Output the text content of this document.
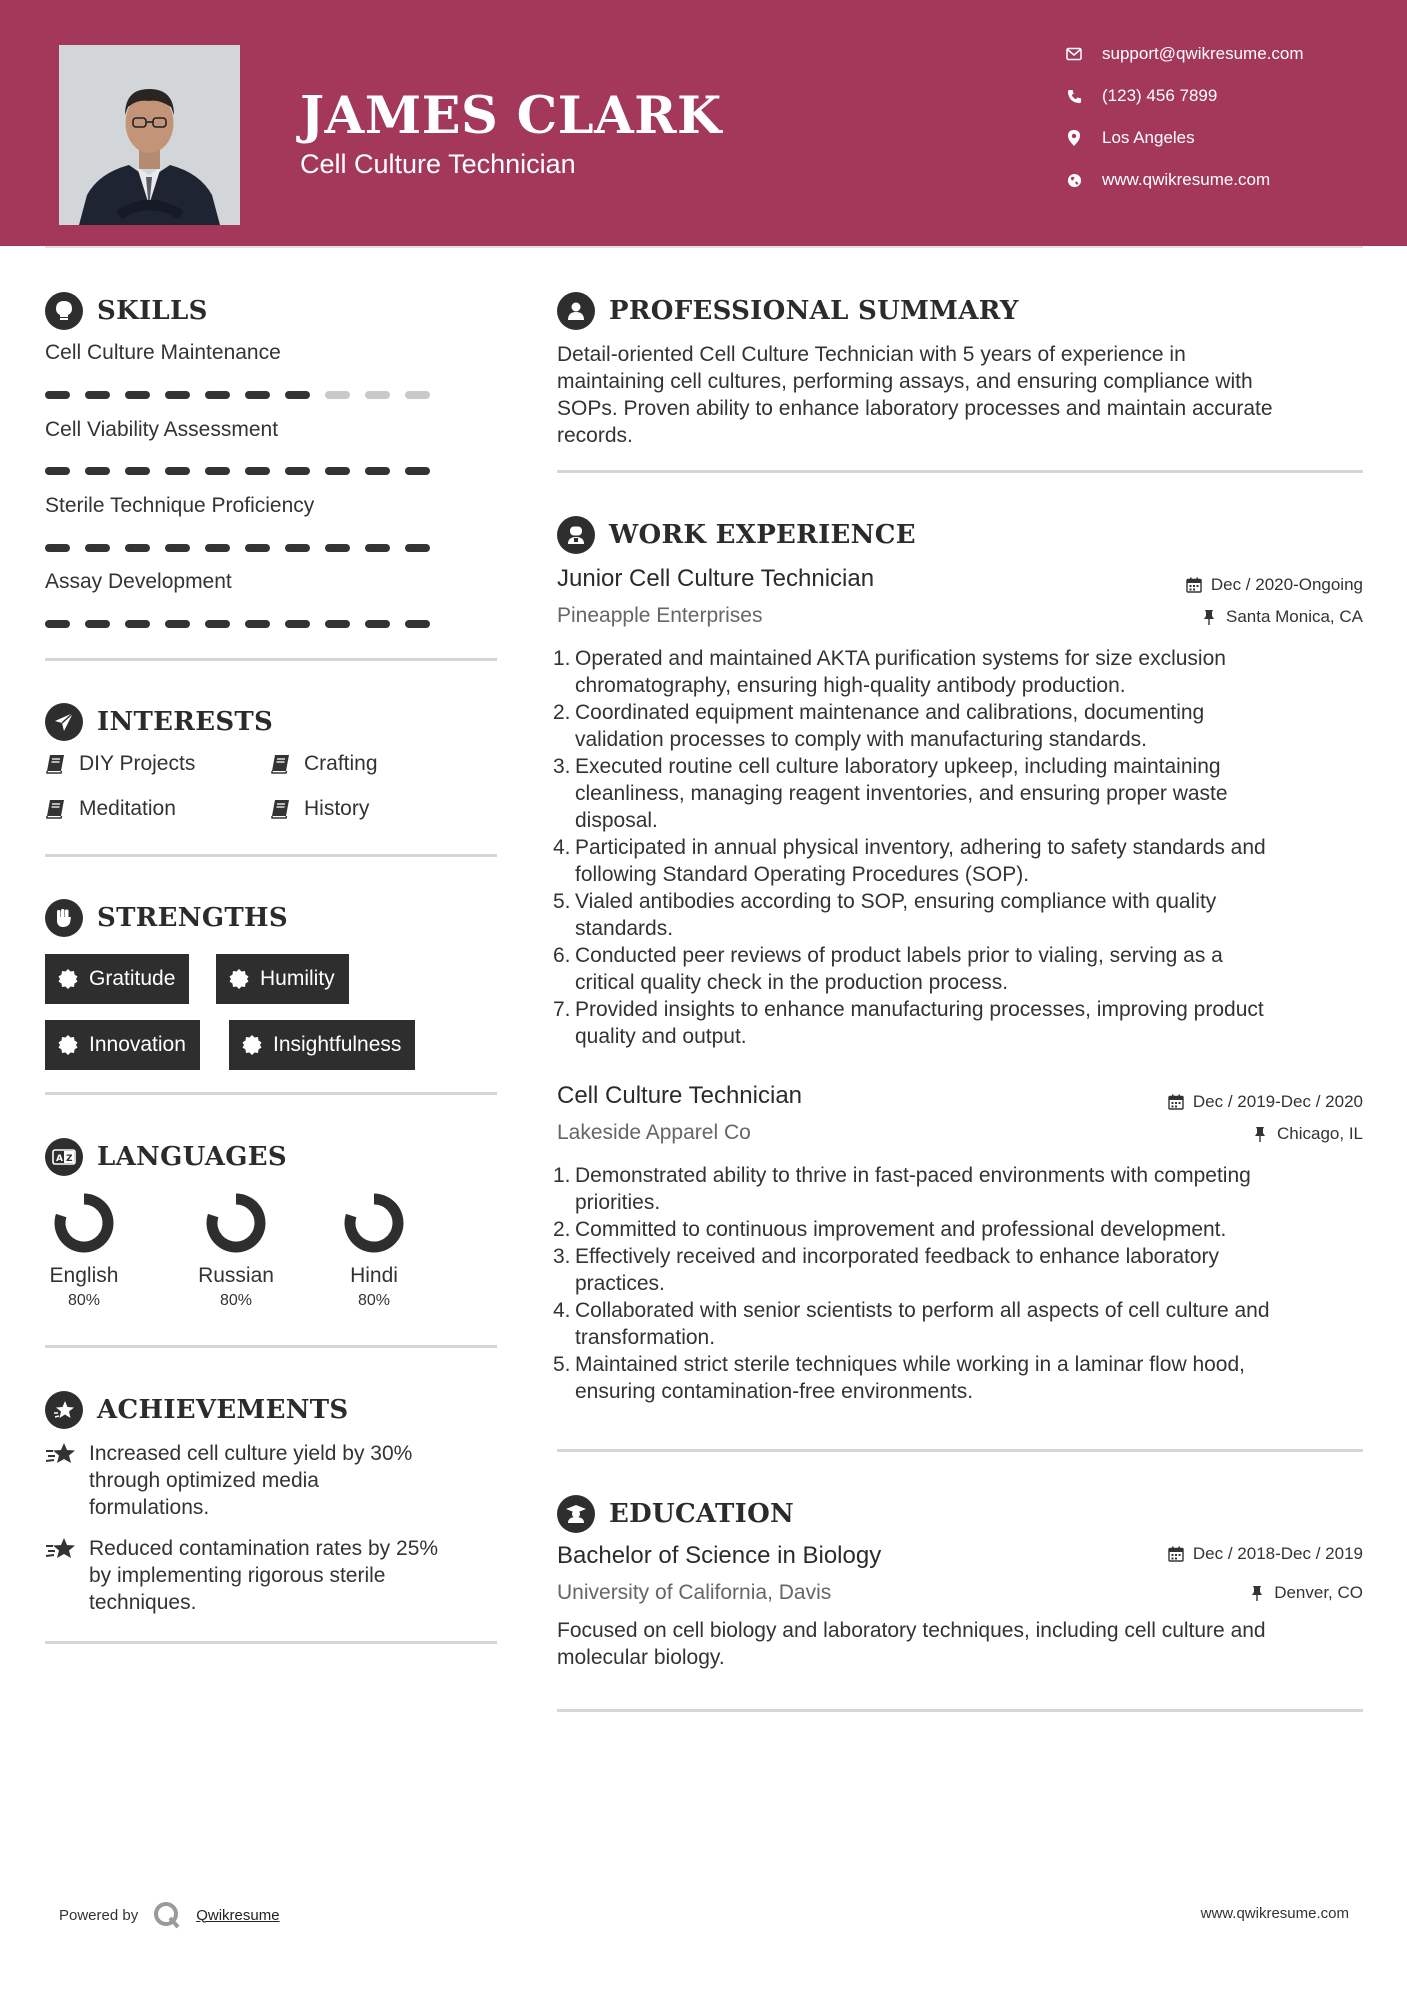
JAMES CLARK
Cell Culture Technician
support@qwikresume.com
(123) 456 7899
Los Angeles
www.qwikresume.com
SKILLS
Cell Culture Maintenance
Cell Viability Assessment
Sterile Technique Proficiency
Assay Development
INTERESTS
DIY Projects	Crafting
Meditation	History
STRENGTHS
Gratitude	Humility
Innovation	Insightfulness
A Z LANGUAGES
English
80%
Russian
80%
Hindi
80%
ACHIEVEMENTS
Increased cell culture yield by 30%
through optimized media
formulations.
Reduced contamination rates by 25%
by implementing rigorous sterile
techniques.
PROFESSIONAL SUMMARY
Detail-oriented Cell Culture Technician with 5 years of experience in
maintaining cell cultures, performing assays, and ensuring compliance with
SOPs. Proven ability to enhance laboratory processes and maintain accurate
records.
WORK EXPERIENCE
Junior Cell Culture Technician	Dec / 2020-Ongoing
Pineapple Enterprises	Santa Monica, CA
1. Operated and maintained AKTA purification systems for size exclusion
chromatography, ensuring high-quality antibody production.
2. Coordinated equipment maintenance and calibrations, documenting
validation processes to comply with manufacturing standards.
3. Executed routine cell culture laboratory upkeep, including maintaining
cleanliness, managing reagent inventories, and ensuring proper waste
disposal.
4. Participated in annual physical inventory, adhering to safety standards and
following Standard Operating Procedures (SOP).
5. Vialed antibodies according to SOP, ensuring compliance with quality
standards.
6. Conducted peer reviews of product labels prior to vialing, serving as a
critical quality check in the production process.
7. Provided insights to enhance manufacturing processes, improving product
quality and output.
Cell Culture Technician	Dec / 2019-Dec / 2020
Lakeside Apparel Co	Chicago, IL
1. Demonstrated ability to thrive in fast-paced environments with competing
priorities.
2. Committed to continuous improvement and professional development.
3. Effectively received and incorporated feedback to enhance laboratory
practices.
4. Collaborated with senior scientists to perform all aspects of cell culture and
transformation.
5. Maintained strict sterile techniques while working in a laminar flow hood,
ensuring contamination-free environments.
EDUCATION
Bachelor of Science in Biology	Dec / 2018-Dec / 2019
University of California, Davis	Denver, CO
Focused on cell biology and laboratory techniques, including cell culture and
molecular biology.
Powered by	Qwikresume	www.qwikresume.com
